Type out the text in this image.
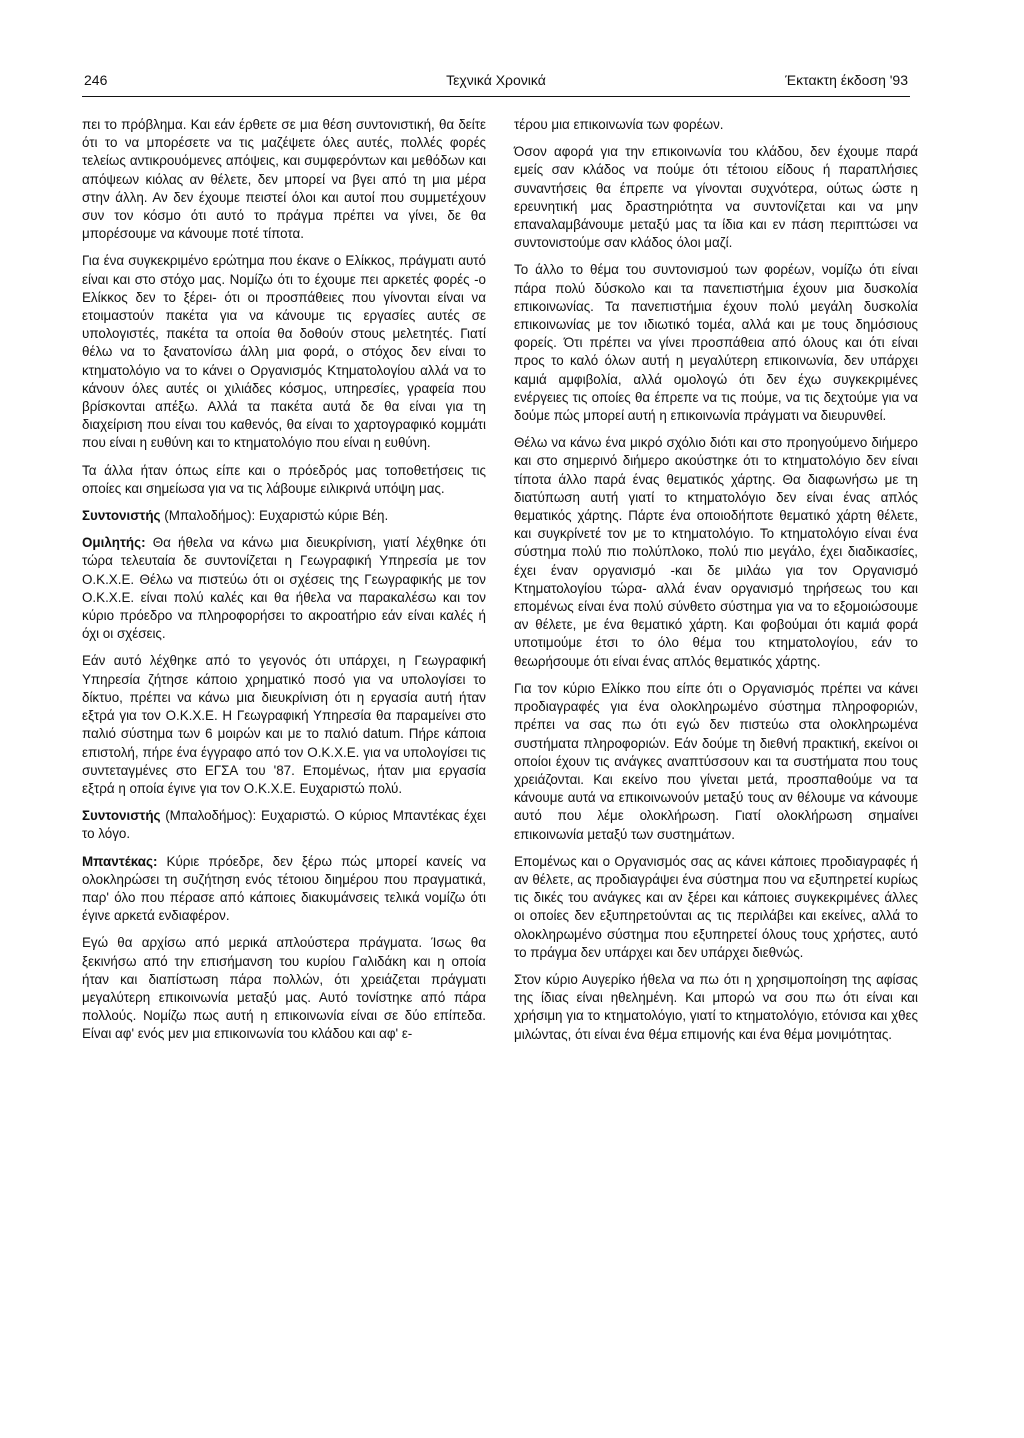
246	Τεχνικά Χρονικά	Έκτακτη έκδοση '93

πει το πρόβλημα. Και εάν έρθετε σε μια θέση συντονιστική, θα δείτε ότι το να μπορέσετε να τις μαζέψετε όλες αυτές, πολλές φορές τελείως αντικρουόμενες απόψεις, και συμφερόντων και μεθόδων και απόψεων κιόλας αν θέλετε, δεν μπορεί να βγει από τη μια μέρα στην άλλη. Αν δεν έχουμε πειστεί όλοι και αυτοί που συμμετέχουν συν τον κόσμο ότι αυτό το πράγμα πρέπει να γίνει, δε θα μπορέσουμε να κάνουμε ποτέ τίποτα.

Για ένα συγκεκριμένο ερώτημα που έκανε ο Ελίκκος, πράγματι αυτό είναι και στο στόχο μας. Νομίζω ότι το έχουμε πει αρκετές φορές -ο Ελίκκος δεν το ξέρει- ότι οι προσπάθειες που γίνονται είναι να ετοιμαστούν πακέτα για να κάνουμε τις εργασίες αυτές σε υπολογιστές, πακέτα τα οποία θα δοθούν στους μελετητές. Γιατί θέλω να το ξανατονίσω άλλη μια φορά, ο στόχος δεν είναι το κτηματολόγιο να το κάνει ο Οργανισμός Κτηματολογίου αλλά να το κάνουν όλες αυτές οι χιλιάδες κόσμος, υπηρεσίες, γραφεία που βρίσκονται απέξω. Αλλά τα πακέτα αυτά δε θα είναι για τη διαχείριση που είναι του καθενός, θα είναι το χαρτογραφικό κομμάτι που είναι η ευθύνη και το κτηματολόγιο που είναι η ευθύνη.

Τα άλλα ήταν όπως είπε και ο πρόεδρός μας τοποθετήσεις τις οποίες και σημείωσα για να τις λάβουμε ειλικρινά υπόψη μας.

Συντονιστής (Μπαλοδήμος): Ευχαριστώ κύριε Βέη.

Ομιλητής: Θα ήθελα να κάνω μια διευκρίνιση, γιατί λέχθηκε ότι τώρα τελευταία δε συντονίζεται η Γεωγραφική Υπηρεσία με τον Ο.Κ.Χ.Ε. Θέλω να πιστεύω ότι οι σχέσεις της Γεωγραφικής με τον Ο.Κ.Χ.Ε. είναι πολύ καλές και θα ήθελα να παρακαλέσω και τον κύριο πρόεδρο να πληροφορήσει το ακροατήριο εάν είναι καλές ή όχι οι σχέσεις.

Εάν αυτό λέχθηκε από το γεγονός ότι υπάρχει, η Γεωγραφική Υπηρεσία ζήτησε κάποιο χρηματικό ποσό για να υπολογίσει το δίκτυο, πρέπει να κάνω μια διευκρίνιση ότι η εργασία αυτή ήταν εξτρά για τον Ο.Κ.Χ.Ε. Η Γεωγραφική Υπηρεσία θα παραμείνει στο παλιό σύστημα των 6 μοιρών και με το παλιό datum. Πήρε κάποια επιστολή, πήρε ένα έγγραφο από τον Ο.Κ.Χ.Ε. για να υπολογίσει τις συντεταγμένες στο ΕΓΣΑ του '87. Επομένως, ήταν μια εργασία εξτρά η οποία έγινε για τον Ο.Κ.Χ.Ε. Ευχαριστώ πολύ.

Συντονιστής (Μπαλοδήμος): Ευχαριστώ. Ο κύριος Μπαντέκας έχει το λόγο.

Μπαντέκας: Κύριε πρόεδρε, δεν ξέρω πώς μπορεί κανείς να ολοκληρώσει τη συζήτηση ενός τέτοιου διημέρου που πραγματικά, παρ' όλο που πέρασε από κάποιες διακυμάνσεις τελικά νομίζω ότι έγινε αρκετά ενδιαφέρον.

Εγώ θα αρχίσω από μερικά απλούστερα πράγματα. Ίσως θα ξεκινήσω από την επισήμανση του κυρίου Γαλιδάκη και η οποία ήταν και διαπίστωση πάρα πολλών, ότι χρειάζεται πράγματι μεγαλύτερη επικοινωνία μεταξύ μας. Αυτό τονίστηκε από πάρα πολλούς. Νομίζω πως αυτή η επικοινωνία είναι σε δύο επίπεδα. Είναι αφ' ενός μεν μια επικοινωνία του κλάδου και αφ' ε-

τέρου μια επικοινωνία των φορέων.

Όσον αφορά για την επικοινωνία του κλάδου, δεν έχουμε παρά εμείς σαν κλάδος να πούμε ότι τέτοιου είδους ή παραπλήσιες συναντήσεις θα έπρεπε να γίνονται συχνότερα, ούτως ώστε η ερευνητική μας δραστηριότητα να συντονίζεται και να μην επαναλαμβάνουμε μεταξύ μας τα ίδια και εν πάση περιπτώσει να συντονιστούμε σαν κλάδος όλοι μαζί.

Το άλλο το θέμα του συντονισμού των φορέων, νομίζω ότι είναι πάρα πολύ δύσκολο και τα πανεπιστήμια έχουν μια δυσκολία επικοινωνίας. Τα πανεπιστήμια έχουν πολύ μεγάλη δυσκολία επικοινωνίας με τον ιδιωτικό τομέα, αλλά και με τους δημόσιους φορείς. Ότι πρέπει να γίνει προσπάθεια από όλους και ότι είναι προς το καλό όλων αυτή η μεγαλύτερη επικοινωνία, δεν υπάρχει καμιά αμφιβολία, αλλά ομολογώ ότι δεν έχω συγκεκριμένες ενέργειες τις οποίες θα έπρεπε να τις πούμε, να τις δεχτούμε για να δούμε πώς μπορεί αυτή η επικοινωνία πράγματι να διευρυνθεί.

Θέλω να κάνω ένα μικρό σχόλιο διότι και στο προηγούμενο διήμερο και στο σημερινό διήμερο ακούστηκε ότι το κτηματολόγιο δεν είναι τίποτα άλλο παρά ένας θεματικός χάρτης. Θα διαφωνήσω με τη διατύπωση αυτή γιατί το κτηματολόγιο δεν είναι ένας απλός θεματικός χάρτης. Πάρτε ένα οποιοδήποτε θεματικό χάρτη θέλετε, και συγκρίνετέ τον με το κτηματολόγιο. Το κτηματολόγιο είναι ένα σύστημα πολύ πιο πολύπλοκο, πολύ πιο μεγάλο, έχει διαδικασίες, έχει έναν οργανισμό -και δε μιλάω για τον Οργανισμό Κτηματολογίου τώρα- αλλά έναν οργανισμό τηρήσεως του και επομένως είναι ένα πολύ σύνθετο σύστημα για να το εξομοιώσουμε αν θέλετε, με ένα θεματικό χάρτη. Και φοβούμαι ότι καμιά φορά υποτιμούμε έτσι το όλο θέμα του κτηματολογίου, εάν το θεωρήσουμε ότι είναι ένας απλός θεματικός χάρτης.

Για τον κύριο Ελίκκο που είπε ότι ο Οργανισμός πρέπει να κάνει προδιαγραφές για ένα ολοκληρωμένο σύστημα πληροφοριών, πρέπει να σας πω ότι εγώ δεν πιστεύω στα ολοκληρωμένα συστήματα πληροφοριών. Εάν δούμε τη διεθνή πρακτική, εκείνοι οι οποίοι έχουν τις ανάγκες αναπτύσσουν και τα συστήματα που τους χρειάζονται. Και εκείνο που γίνεται μετά, προσπαθούμε να τα κάνουμε αυτά να επικοινωνούν μεταξύ τους αν θέλουμε να κάνουμε αυτό που λέμε ολοκλήρωση. Γιατί ολοκλήρωση σημαίνει επικοινωνία μεταξύ των συστημάτων.

Επομένως και ο Οργανισμός σας ας κάνει κάποιες προδιαγραφές ή αν θέλετε, ας προδιαγράψει ένα σύστημα που να εξυπηρετεί κυρίως τις δικές του ανάγκες και αν ξέρει και κάποιες συγκεκριμένες άλλες οι οποίες δεν εξυπηρετούνται ας τις περιλάβει και εκείνες, αλλά το ολοκληρωμένο σύστημα που εξυπηρετεί όλους τους χρήστες, αυτό το πράγμα δεν υπάρχει και δεν υπάρχει διεθνώς.

Στον κύριο Αυγερίκο ήθελα να πω ότι η χρησιμοποίηση της αφίσας της ίδιας είναι ηθελημένη. Και μπορώ να σου πω ότι είναι και χρήσιμη για το κτηματολόγιο, γιατί το κτηματολόγιο, ετόνισα και χθες μιλώντας, ότι είναι ένα θέμα επιμονής και ένα θέμα μονιμότητας.
